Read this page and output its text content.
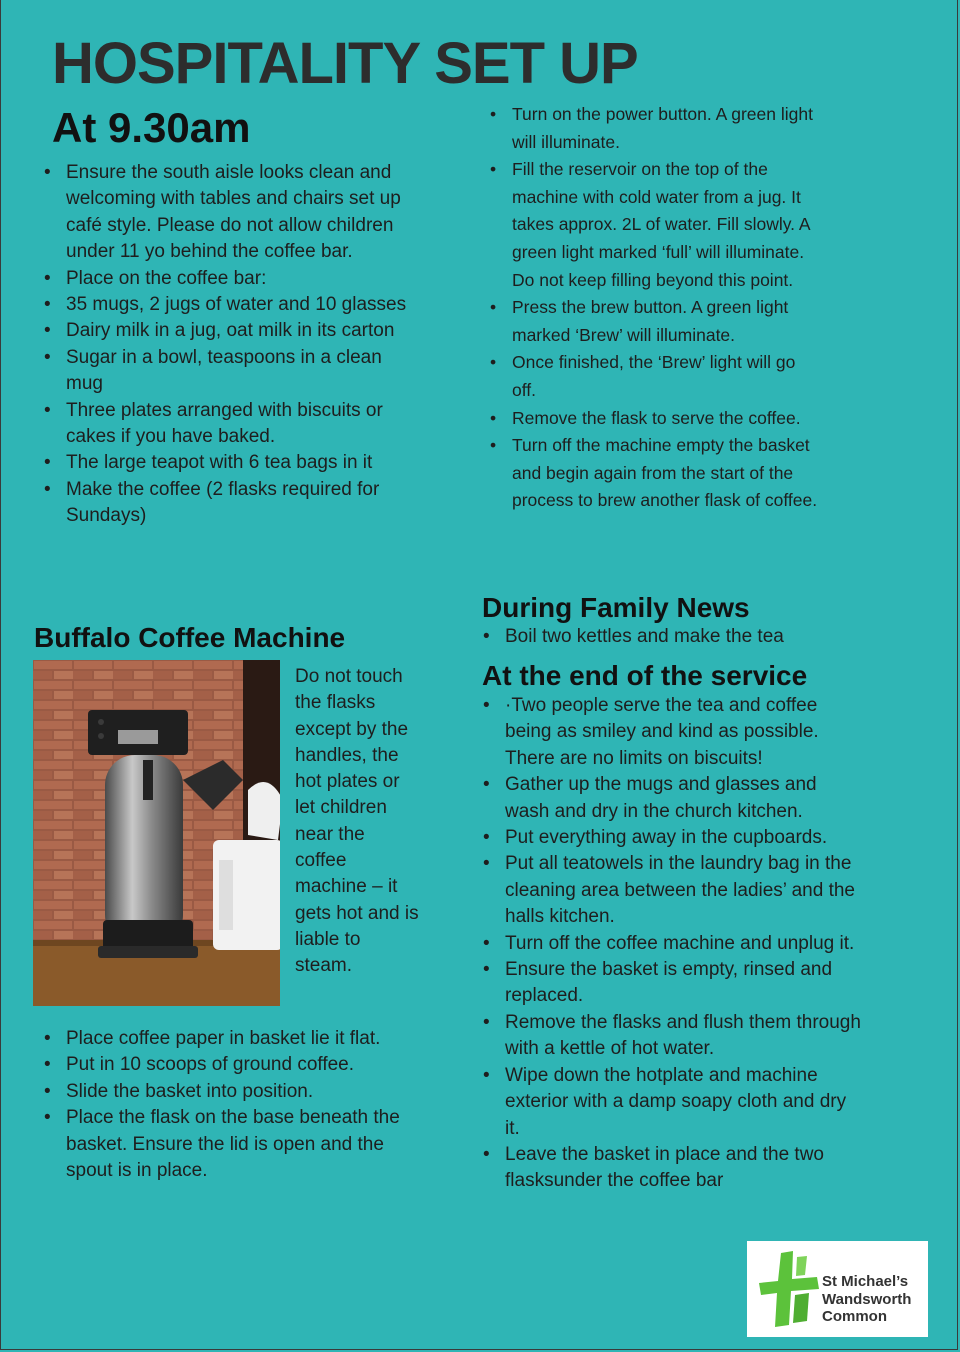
HOSPITALITY SET UP
At 9.30am
• Ensure the south aisle looks clean and welcoming with tables and chairs set up café style. Please do not allow children under 11 yo behind the coffee bar.
• Place on the coffee bar:
• 35 mugs, 2 jugs of water and 10 glasses
• Dairy milk in a jug, oat milk in its carton
• Sugar in a bowl, teaspoons in a clean mug
• Three plates arranged with biscuits or cakes if you have baked.
• The large teapot with 6 tea bags in it
• Make the coffee (2 flasks required for Sundays)
Buffalo Coffee Machine

Do not touch the flasks except by the handles, the hot plates or let children near the coffee machine – it gets hot and is liable to steam.

• Place coffee paper in basket lie it flat.
• Put in 10 scoops of ground coffee.
• Slide the basket into position.
• Place the flask on the base beneath the basket. Ensure the lid is open and the spout is in place.
• Turn on the power button. A green light will illuminate.
• Fill the reservoir on the top of the machine with cold water from a jug. It takes approx. 2L of water. Fill slowly. A green light marked ‘full’ will illuminate. Do not keep filling beyond this point.
• Press the brew button. A green light marked ‘Brew’ will illuminate.
• Once finished, the ‘Brew’ light will go off.
• Remove the flask to serve the coffee.
• Turn off the machine empty the basket and begin again from the start of the process to brew another flask of coffee.
During Family News
• Boil two kettles and make the tea
At the end of the service
• ·Two people serve the tea and coffee being as smiley and kind as possible. There are no limits on biscuits!
• Gather up the mugs and glasses and wash and dry in the church kitchen.
• Put everything away in the cupboards.
• Put all teatowels in the laundry bag in the cleaning area between the ladies’ and the halls kitchen.
• Turn off the coffee machine and unplug it.
• Ensure the basket is empty, rinsed and replaced.
• Remove the flasks and flush them through with a kettle of hot water.
• Wipe down the hotplate and machine exterior with a damp soapy cloth and dry it.
• Leave the basket in place and the two flasksunder the coffee bar
St Michael’s
Wandsworth
Common
